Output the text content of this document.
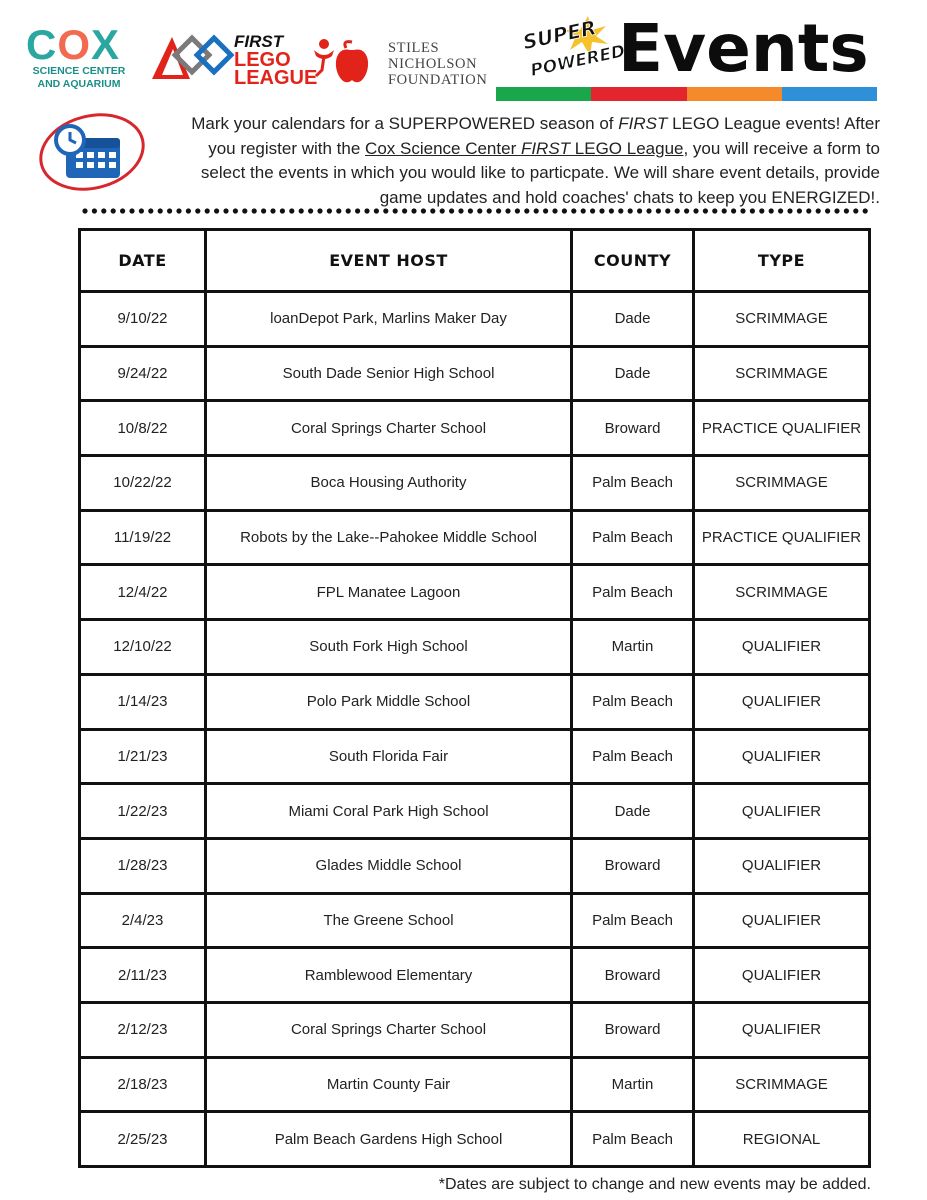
COX
SCIENCE CENTER
AND AQUARIUM
FIRST
LEGO
LEAGUE
STILES
NICHOLSON
FOUNDATION
SUPER
POWERED
Events
Mark your calendars for a SUPERPOWERED season of FIRST LEGO League events! After you register with the Cox Science Center FIRST LEGO League, you will receive a form to select the events in which you would like to particpate. We will share event details, provide game updates and hold coaches' chats to keep you ENERGIZED!.
DATE	EVENT HOST	COUNTY	TYPE
9/10/22	loanDepot Park, Marlins Maker Day	Dade	SCRIMMAGE
9/24/22	South Dade Senior High School	Dade	SCRIMMAGE
10/8/22	Coral Springs Charter School	Broward	PRACTICE QUALIFIER
10/22/22	Boca Housing Authority	Palm Beach	SCRIMMAGE
11/19/22	Robots by the Lake--Pahokee Middle School	Palm Beach	PRACTICE QUALIFIER
12/4/22	FPL Manatee Lagoon	Palm Beach	SCRIMMAGE
12/10/22	South Fork High School	Martin	QUALIFIER
1/14/23	Polo Park Middle School	Palm Beach	QUALIFIER
1/21/23	South Florida Fair	Palm Beach	QUALIFIER
1/22/23	Miami Coral Park High School	Dade	QUALIFIER
1/28/23	Glades Middle School	Broward	QUALIFIER
2/4/23	The Greene School	Palm Beach	QUALIFIER
2/11/23	Ramblewood Elementary	Broward	QUALIFIER
2/12/23	Coral Springs Charter School	Broward	QUALIFIER
2/18/23	Martin County Fair	Martin	SCRIMMAGE
2/25/23	Palm Beach Gardens High School	Palm Beach	REGIONAL
*Dates are subject to change and new events may be added.
